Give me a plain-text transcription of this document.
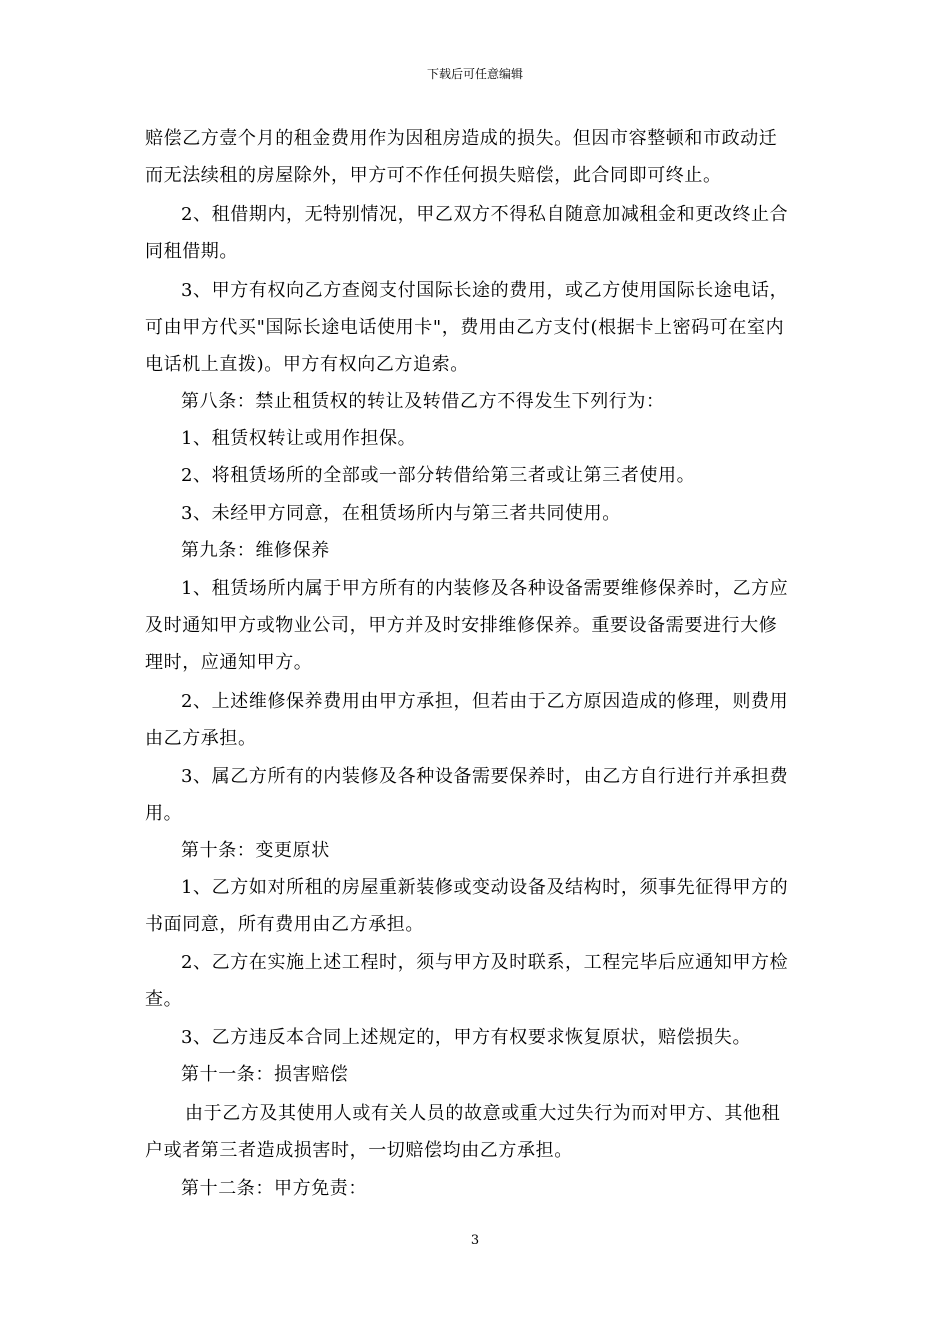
下载后可任意编辑
赔偿乙方壹个月的租金费用作为因租房造成的损失。但因市容整顿和市政动迁
而无法续租的房屋除外，甲方可不作任何损失赔偿，此合同即可终止。
2、租借期内，无特别情况，甲乙双方不得私自随意加减租金和更改终止合
同租借期。
3、甲方有权向乙方查阅支付国际长途的费用，或乙方使用国际长途电话，
可由甲方代买"国际长途电话使用卡"，费用由乙方支付(根据卡上密码可在室内
电话机上直拨)。甲方有权向乙方追索。
第八条：禁止租赁权的转让及转借乙方不得发生下列行为：
1、租赁权转让或用作担保。
2、将租赁场所的全部或一部分转借给第三者或让第三者使用。
3、未经甲方同意，在租赁场所内与第三者共同使用。
第九条：维修保养
1、租赁场所内属于甲方所有的内装修及各种设备需要维修保养时，乙方应
及时通知甲方或物业公司，甲方并及时安排维修保养。重要设备需要进行大修
理时，应通知甲方。
2、上述维修保养费用由甲方承担，但若由于乙方原因造成的修理，则费用
由乙方承担。
3、属乙方所有的内装修及各种设备需要保养时，由乙方自行进行并承担费
用。
第十条：变更原状
1、乙方如对所租的房屋重新装修或变动设备及结构时，须事先征得甲方的
书面同意，所有费用由乙方承担。
2、乙方在实施上述工程时，须与甲方及时联系，工程完毕后应通知甲方检
查。
3、乙方违反本合同上述规定的，甲方有权要求恢复原状，赔偿损失。
第十一条：损害赔偿
由于乙方及其使用人或有关人员的故意或重大过失行为而对甲方、其他租
户或者第三者造成损害时，一切赔偿均由乙方承担。
第十二条：甲方免责：
3
